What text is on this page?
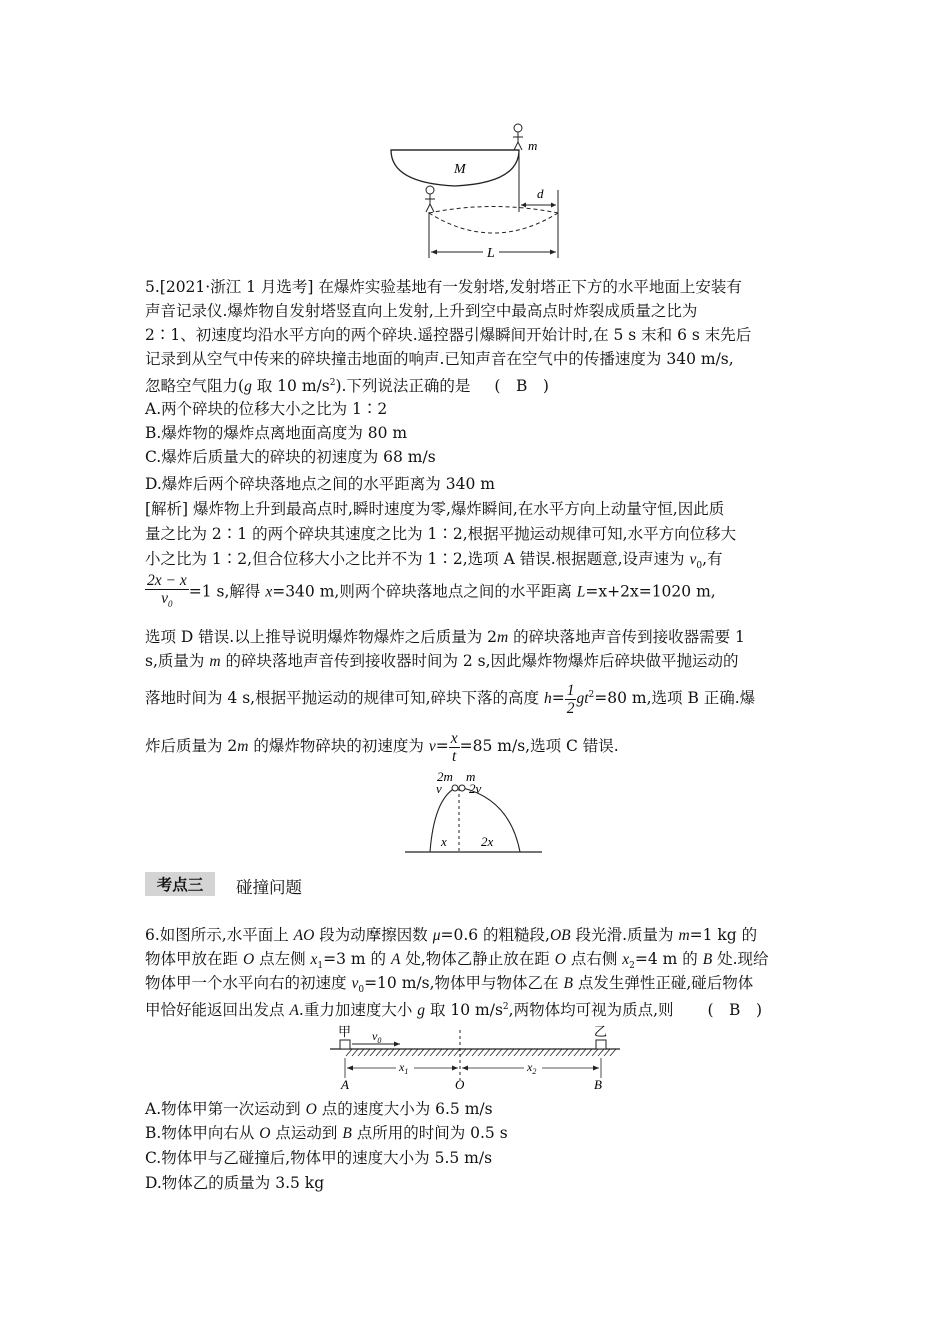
m
M
d
L
5.[2021·浙江 1 月选考] 在爆炸实验基地有一发射塔,发射塔正下方的水平地面上安装有
声音记录仪.爆炸物自发射塔竖直向上发射,上升到空中最高点时炸裂成质量之比为
2∶1、初速度均沿水平方向的两个碎块.遥控器引爆瞬间开始计时,在 5 s 末和 6 s 末先后
记录到从空气中传来的碎块撞击地面的响声.已知声音在空气中的传播速度为 340 m/s,
忽略空气阻力(g 取 10 $m/s^2$).下列说法正确的是 (　B　)
A.两个碎块的位移大小之比为 1∶2
B.爆炸物的爆炸点离地面高度为 80 m
C.爆炸后质量大的碎块的初速度为 68 m/s
D.爆炸后两个碎块落地点之间的水平距离为 340 m
[解析] 爆炸物上升到最高点时,瞬时速度为零,爆炸瞬间,在水平方向上动量守恒,因此质
量之比为 2∶1 的两个碎块其速度之比为 1∶2,根据平抛运动规律可知,水平方向位移大
小之比为 1∶2,但合位移大小之比并不为 1∶2,选项 A 错误.根据题意,设声速为 $v_0$,有
$\frac{2x - x}{v_0} =1$ s,解得 x=340 m,则两个碎块落地点之间的水平距离 L=x+2x=1020 m,
选项 D 错误.以上推导说明爆炸物爆炸之后质量为 2m 的碎块落地声音传到接收器需要 1
s,质量为 m 的碎块落地声音传到接收器时间为 2 s,因此爆炸物爆炸后碎块做平抛运动的
落地时间为 4 s,根据平抛运动的规律可知,碎块下落的高度 $h= \frac{1}{2} gt^2=80$ m,选项 B 正确.爆
炸后质量为 2m 的爆炸物碎块的初速度为 $v= \frac{x}{t} =85$ m/s,选项 C 错误.
2m m
v 2v
x	2x
考点三	碰撞问题
6.如图所示,水平面上 AO 段为动摩擦因数 μ=0.6 的粗糙段,OB 段光滑.质量为 m=1 kg 的
物体甲放在距 O 点左侧 $x_1=3$ m 的 A 处,物体乙静止放在距 O 点右侧 $x_2=4$ m 的 B 处.现给
物体甲一个水平向右的初速度 $v_0=10$ m/s,物体甲与物体乙在 B 点发生弹性正碰,碰后物体
甲恰好能返回出发点 A.重力加速度大小 g 取 10 $m/s^2$,两物体均可视为质点,则 (　B　)
甲	乙
$v_0$
$x_1$	$x_2$
A	O	B
A.物体甲第一次运动到 O 点的速度大小为 6.5 m/s
B.物体甲向右从 O 点运动到 B 点所用的时间为 0.5 s
C.物体甲与乙碰撞后,物体甲的速度大小为 5.5 m/s
D.物体乙的质量为 3.5 kg
